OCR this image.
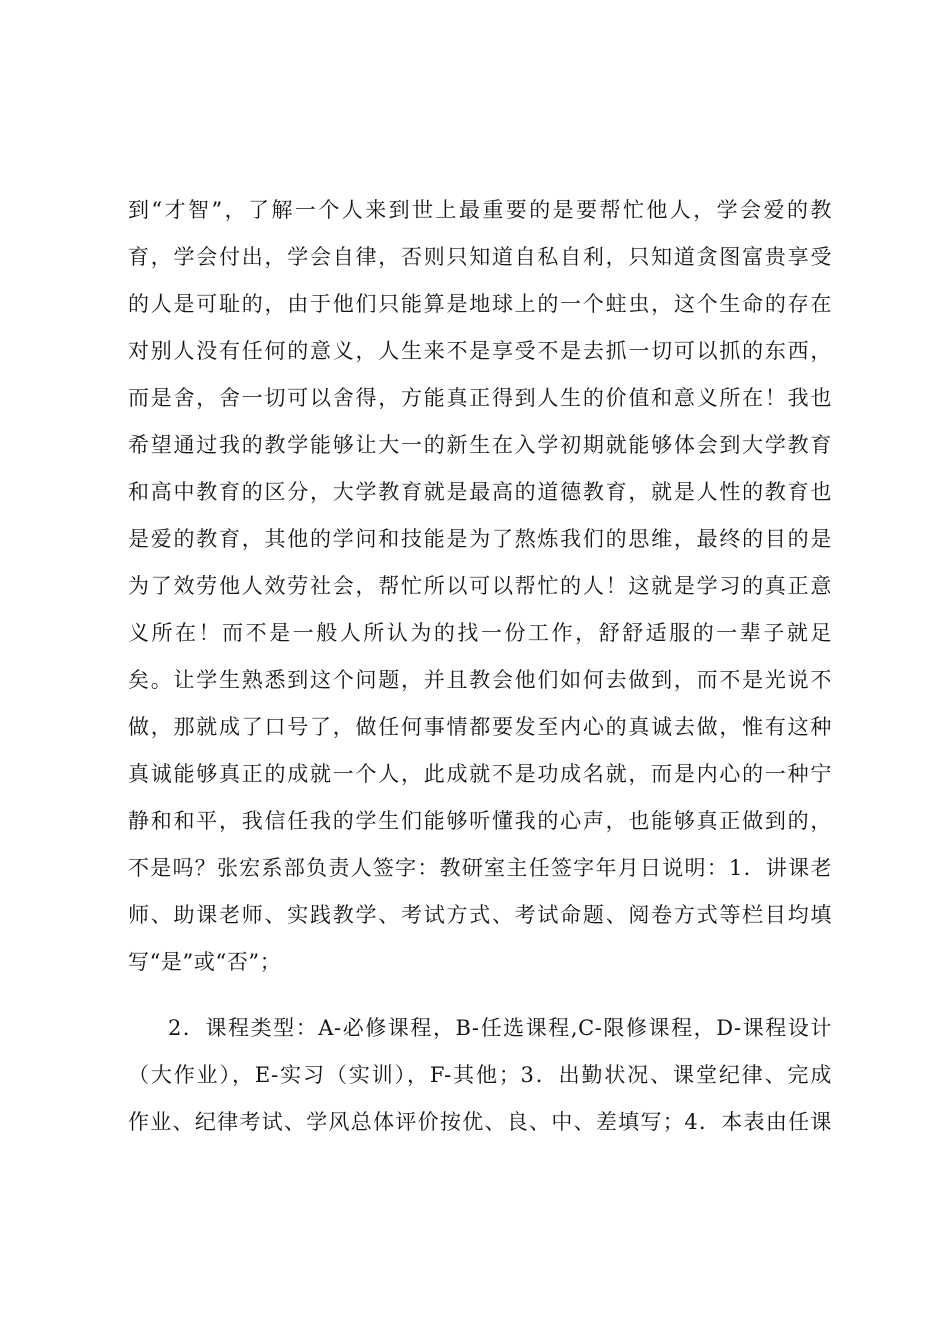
到“才智”，了解一个人来到世上最重要的是要帮忙他人，学会爱的教
育，学会付出，学会自律，否则只知道自私自利，只知道贪图富贵享受
的人是可耻的，由于他们只能算是地球上的一个蛀虫，这个生命的存在
对别人没有任何的意义，人生来不是享受不是去抓一切可以抓的东西，
而是舍，舍一切可以舍得，方能真正得到人生的价值和意义所在！我也
希望通过我的教学能够让大一的新生在入学初期就能够体会到大学教育
和高中教育的区分，大学教育就是最高的道德教育，就是人性的教育也
是爱的教育，其他的学问和技能是为了熬炼我们的思维，最终的目的是
为了效劳他人效劳社会，帮忙所以可以帮忙的人！这就是学习的真正意
义所在！而不是一般人所认为的找一份工作，舒舒适服的一辈子就足
矣。让学生熟悉到这个问题，并且教会他们如何去做到，而不是光说不
做，那就成了口号了，做任何事情都要发至内心的真诚去做，惟有这种
真诚能够真正的成就一个人，此成就不是功成名就，而是内心的一种宁
静和和平，我信任我的学生们能够听懂我的心声，也能够真正做到的，
不是吗？张宏系部负责人签字：教研室主任签字年月日说明：1．讲课老
师、助课老师、实践教学、考试方式、考试命题、阅卷方式等栏目均填
写“是”或“否”；
2．课程类型：A-必修课程，B-任选课程,C-限修课程，D-课程设计
（大作业），E-实习（实训），F-其他；3．出勤状况、课堂纪律、完成
作业、纪律考试、学风总体评价按优、良、中、差填写；4．本表由任课
